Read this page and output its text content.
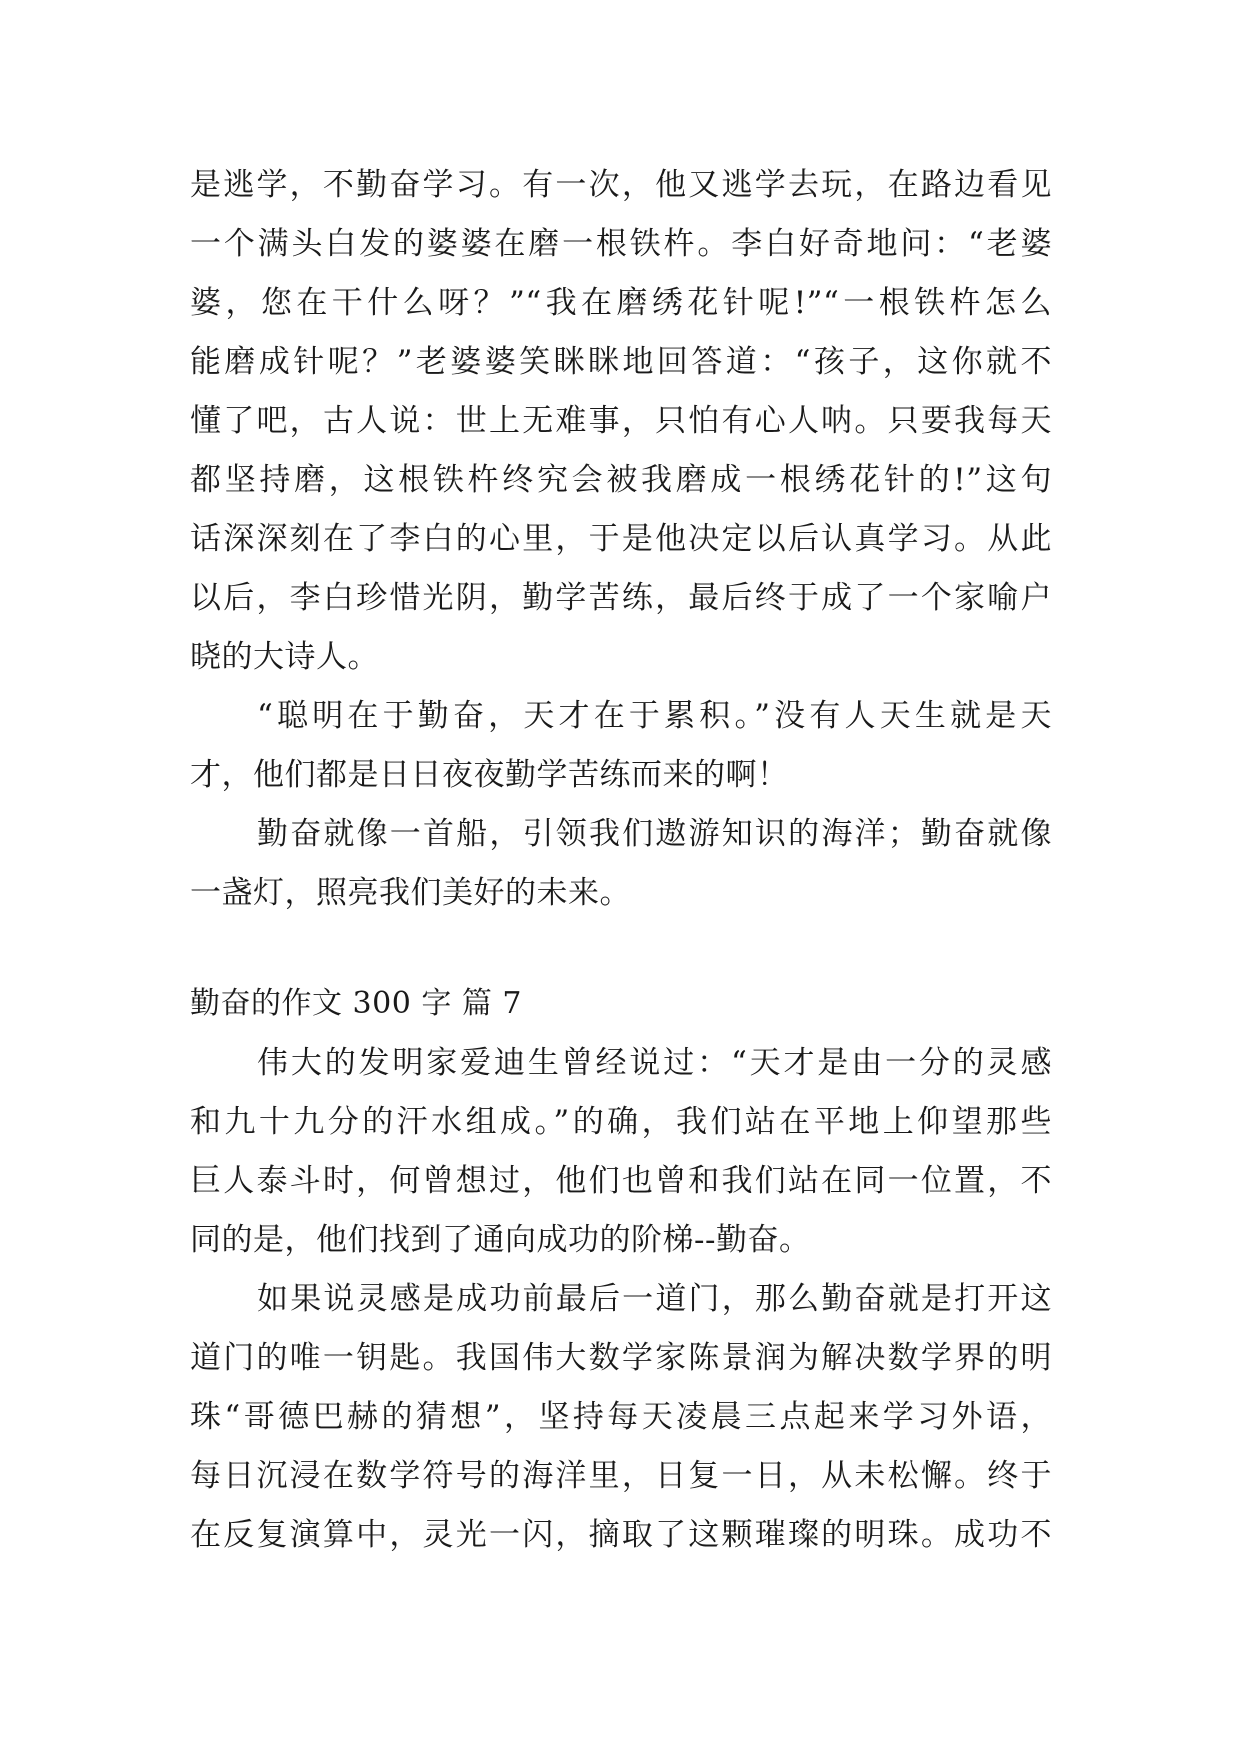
是逃学，不勤奋学习。有一次，他又逃学去玩，在路边看见
一个满头白发的婆婆在磨一根铁杵。李白好奇地问：“老婆
婆，您在干什么呀？”“我在磨绣花针呢!”“一根铁杵怎么
能磨成针呢？”老婆婆笑眯眯地回答道：“孩子，这你就不
懂了吧，古人说：世上无难事，只怕有心人呐。只要我每天
都坚持磨，这根铁杵终究会被我磨成一根绣花针的!”这句
话深深刻在了李白的心里，于是他决定以后认真学习。从此
以后，李白珍惜光阴，勤学苦练，最后终于成了一个家喻户
晓的大诗人。
“聪明在于勤奋，天才在于累积。”没有人天生就是天
才，他们都是日日夜夜勤学苦练而来的啊！
勤奋就像一首船，引领我们遨游知识的海洋；勤奋就像
一盏灯，照亮我们美好的未来。
勤奋的作文 300 字 篇 7
伟大的发明家爱迪生曾经说过：“天才是由一分的灵感
和九十九分的汗水组成。”的确，我们站在平地上仰望那些
巨人泰斗时，何曾想过，他们也曾和我们站在同一位置，不
同的是，他们找到了通向成功的阶梯--勤奋。
如果说灵感是成功前最后一道门，那么勤奋就是打开这
道门的唯一钥匙。我国伟大数学家陈景润为解决数学界的明
珠“哥德巴赫的猜想”，坚持每天凌晨三点起来学习外语，
每日沉浸在数学符号的海洋里，日复一日，从未松懈。终于
在反复演算中，灵光一闪，摘取了这颗璀璨的明珠。成功不
